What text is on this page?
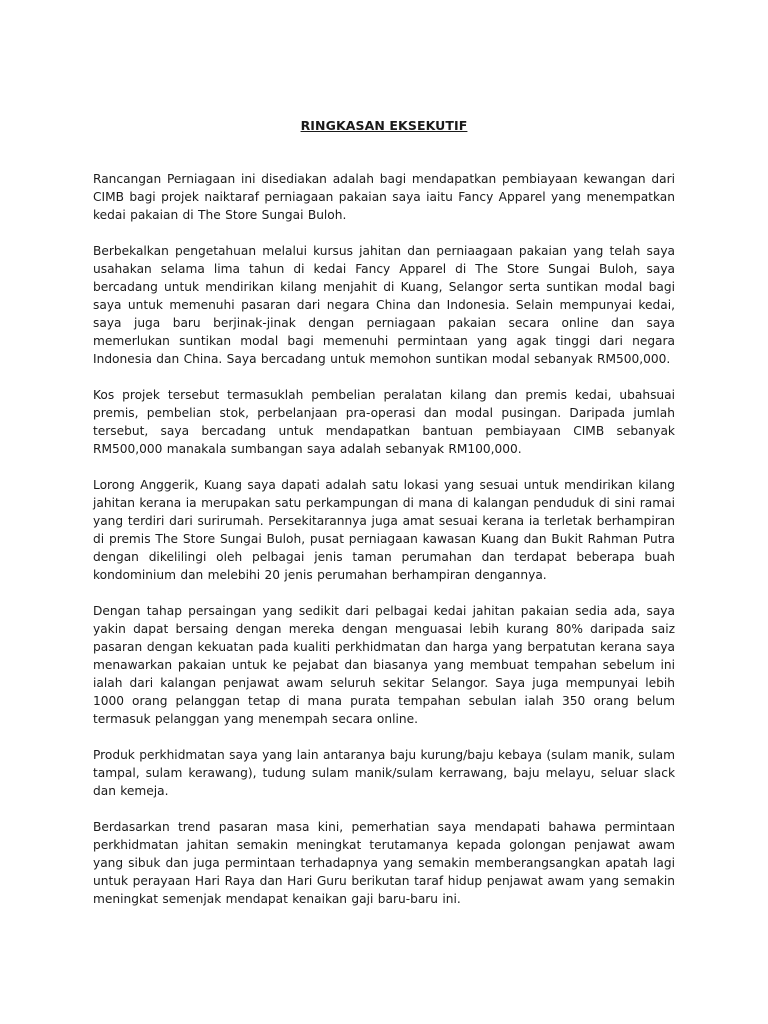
RINGKASAN EKSEKUTIF

Rancangan Perniagaan ini disediakan adalah bagi mendapatkan pembiayaan kewangan dari CIMB bagi projek naiktaraf perniagaan pakaian saya iaitu Fancy Apparel yang menempatkan kedai pakaian di The Store Sungai Buloh.

Berbekalkan pengetahuan melalui kursus jahitan dan perniaagaan pakaian yang telah saya usahakan selama lima tahun di kedai Fancy Apparel di The Store Sungai Buloh, saya bercadang untuk mendirikan kilang menjahit di Kuang, Selangor serta suntikan modal bagi saya untuk memenuhi pasaran dari negara China dan Indonesia. Selain mempunyai kedai, saya juga baru berjinak-jinak dengan perniagaan pakaian secara online dan saya memerlukan suntikan modal bagi memenuhi permintaan yang agak tinggi dari negara Indonesia dan China. Saya bercadang untuk memohon suntikan modal sebanyak RM500,000.

Kos projek tersebut termasuklah pembelian peralatan kilang dan premis kedai, ubahsuai premis, pembelian stok, perbelanjaan pra-operasi dan modal pusingan. Daripada jumlah tersebut, saya bercadang untuk mendapatkan bantuan pembiayaan CIMB sebanyak RM500,000 manakala sumbangan saya adalah sebanyak RM100,000.

Lorong Anggerik, Kuang saya dapati adalah satu lokasi yang sesuai untuk mendirikan kilang jahitan kerana ia merupakan satu perkampungan di mana di kalangan penduduk di sini ramai yang terdiri dari surirumah. Persekitarannya juga amat sesuai kerana ia terletak berhampiran di premis The Store Sungai Buloh, pusat perniagaan kawasan Kuang dan Bukit Rahman Putra dengan dikelilingi oleh pelbagai jenis taman perumahan dan terdapat beberapa buah kondominium dan melebihi 20 jenis perumahan berhampiran dengannya.

Dengan tahap persaingan yang sedikit dari pelbagai kedai jahitan pakaian sedia ada, saya yakin dapat bersaing dengan mereka dengan menguasai lebih kurang 80% daripada saiz pasaran dengan kekuatan pada kualiti perkhidmatan dan harga yang berpatutan kerana saya menawarkan pakaian untuk ke pejabat dan biasanya yang membuat tempahan sebelum ini ialah dari kalangan penjawat awam seluruh sekitar Selangor. Saya juga mempunyai lebih 1000 orang pelanggan tetap di mana purata tempahan sebulan ialah 350 orang belum termasuk pelanggan yang menempah secara online.

Produk perkhidmatan saya yang lain antaranya baju kurung/baju kebaya (sulam manik, sulam tampal, sulam kerawang), tudung sulam manik/sulam kerrawang, baju melayu, seluar slack dan kemeja.

Berdasarkan trend pasaran masa kini, pemerhatian saya mendapati bahawa permintaan perkhidmatan jahitan semakin meningkat terutamanya kepada golongan penjawat awam yang sibuk dan juga permintaan terhadapnya yang semakin memberangsangkan apatah lagi untuk perayaan Hari Raya dan Hari Guru berikutan taraf hidup penjawat awam yang semakin meningkat semenjak mendapat kenaikan gaji baru-baru ini.
